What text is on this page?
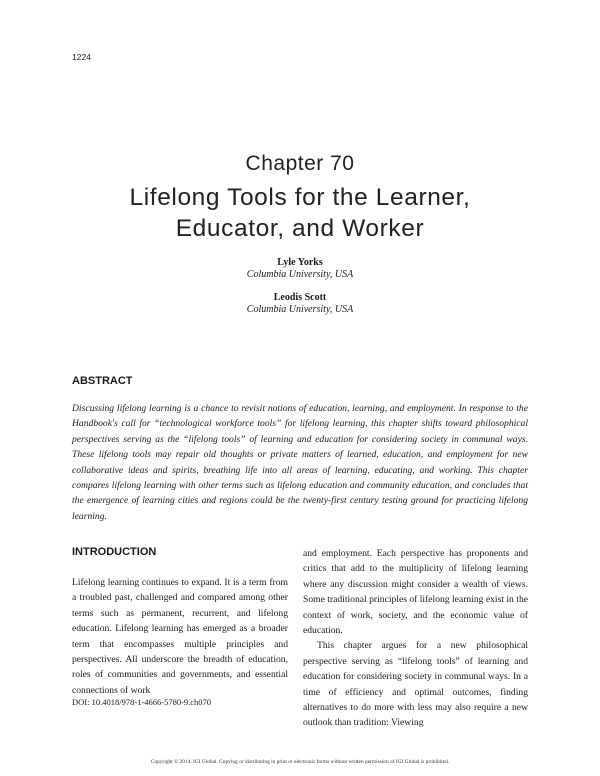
1224
Chapter 70
Lifelong Tools for the Learner,
Educator, and Worker
Lyle Yorks
Columbia University, USA
Leodis Scott
Columbia University, USA
ABSTRACT

Discussing lifelong learning is a chance to revisit notions of education, learning, and employment. In response to the Handbook's call for “technological workforce tools” for lifelong learning, this chapter shifts toward philosophical perspectives serving as the “lifelong tools” of learning and education for considering society in communal ways. These lifelong tools may repair old thoughts or private matters of learned, education, and employment for new collaborative ideas and spirits, breathing life into all areas of learning, educating, and working. This chapter compares lifelong learning with other terms such as lifelong education and community education, and concludes that the emergence of learning cities and regions could be the twenty-first century testing ground for practicing lifelong learning.

INTRODUCTION

Lifelong learning continues to expand. It is a term from a troubled past, challenged and compared among other terms such as permanent, recurrent, and lifelong education. Lifelong learning has emerged as a broader term that encompasses multiple principles and perspectives. All underscore the breadth of education, roles of communities and governments, and essential connections of work

and employment. Each perspective has proponents and critics that add to the multiplicity of lifelong learning where any discussion might consider a wealth of views. Some traditional principles of lifelong learning exist in the context of work, society, and the economic value of education.

This chapter argues for a new philosophical perspective serving as “lifelong tools” of learning and education for considering society in communal ways. In a time of efficiency and optimal outcomes, finding alternatives to do more with less may also require a new outlook than tradition: Viewing

DOI: 10.4018/978-1-4666-5780-9.ch070
Copyright © 2014, IGI Global. Copying or distributing in print or electronic forms without written permission of IGI Global is prohibited.
